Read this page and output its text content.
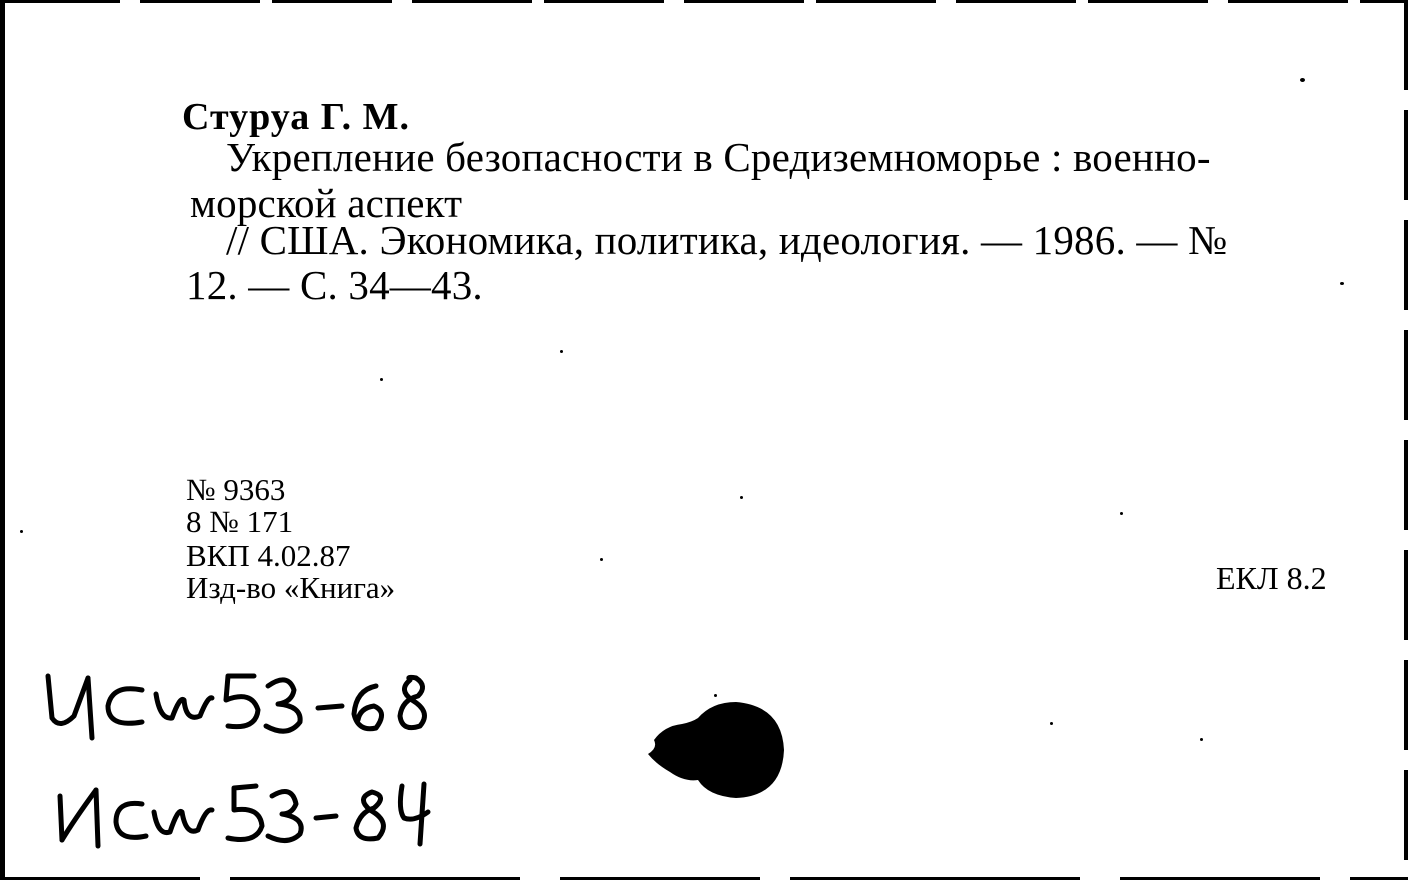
Стуруа Г. М.
Укрепление безопасности в Средиземноморье : военно-
морской аспект
// США. Экономика, политика, идеология. — 1986. — №
12. — С. 34—43.
№ 9363
8 № 171
ВКП 4.02.87
Изд-во «Книга»	ЕКЛ 8.2
